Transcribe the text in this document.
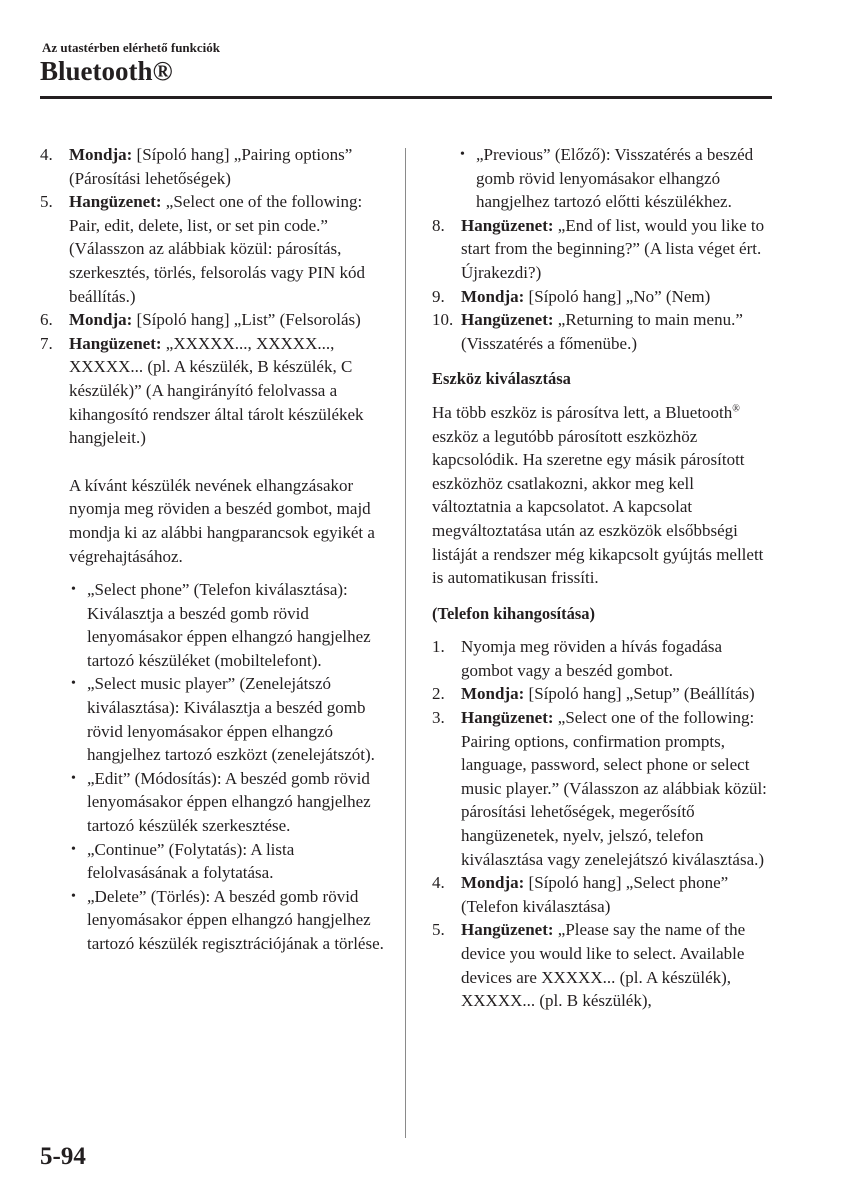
Az utastérben elérhető funkciók
Bluetooth®
4. Mondja: [Sípoló hang] „Pairing options” (Párosítási lehetőségek)
5. Hangüzenet: „Select one of the following: Pair, edit, delete, list, or set pin code.” (Válasszon az alábbiak közül: párosítás, szerkesztés, törlés, felsorolás vagy PIN kód beállítás.)
6. Mondja: [Sípoló hang] „List” (Felsorolás)
7. Hangüzenet: „XXXXX..., XXXXX..., XXXXX... (pl. A készülék, B készülék, C készülék)” (A hangirányító felolvassa a kihangosító rendszer által tárolt készülékek hangjeleit.)
A kívánt készülék nevének elhangzásakor nyomja meg röviden a beszéd gombot, majd mondja ki az alábbi hangparancsok egyikét a végrehajtásához.
• „Select phone” (Telefon kiválasztása): Kiválasztja a beszéd gomb rövid lenyomásakor éppen elhangzó hangjelhez tartozó készüléket (mobiltelefont).
• „Select music player” (Zenelejátszó kiválasztása): Kiválasztja a beszéd gomb rövid lenyomásakor éppen elhangzó hangjelhez tartozó eszközt (zenelejátszót).
• „Edit” (Módosítás): A beszéd gomb rövid lenyomásakor éppen elhangzó hangjelhez tartozó készülék szerkesztése.
• „Continue” (Folytatás): A lista felolvasásának a folytatása.
• „Delete” (Törlés): A beszéd gomb rövid lenyomásakor éppen elhangzó hangjelhez tartozó készülék regisztrációjának a törlése.
• „Previous” (Előző): Visszatérés a beszéd gomb rövid lenyomásakor elhangzó hangjelhez tartozó előtti készülékhez.
8. Hangüzenet: „End of list, would you like to start from the beginning?” (A lista véget ért. Újrakezdi?)
9. Mondja: [Sípoló hang] „No” (Nem)
10. Hangüzenet: „Returning to main menu.” (Visszatérés a főmenübe.)
Eszköz kiválasztása
Ha több eszköz is párosítva lett, a Bluetooth® eszköz a legutóbb párosított eszközhöz kapcsolódik. Ha szeretne egy másik párosított eszközhöz csatlakozni, akkor meg kell változtatnia a kapcsolatot. A kapcsolat megváltoztatása után az eszközök elsőbbségi listáját a rendszer még kikapcsolt gyújtás mellett is automatikusan frissíti.
(Telefon kihangosítása)
1. Nyomja meg röviden a hívás fogadása gombot vagy a beszéd gombot.
2. Mondja: [Sípoló hang] „Setup” (Beállítás)
3. Hangüzenet: „Select one of the following: Pairing options, confirmation prompts, language, password, select phone or select music player.” (Válasszon az alábbiak közül: párosítási lehetőségek, megerősítő hangüzenetek, nyelv, jelszó, telefon kiválasztása vagy zenelejátszó kiválasztása.)
4. Mondja: [Sípoló hang] „Select phone” (Telefon kiválasztása)
5. Hangüzenet: „Please say the name of the device you would like to select. Available devices are XXXXX... (pl. A készülék), XXXXX... (pl. B készülék),
5-94
